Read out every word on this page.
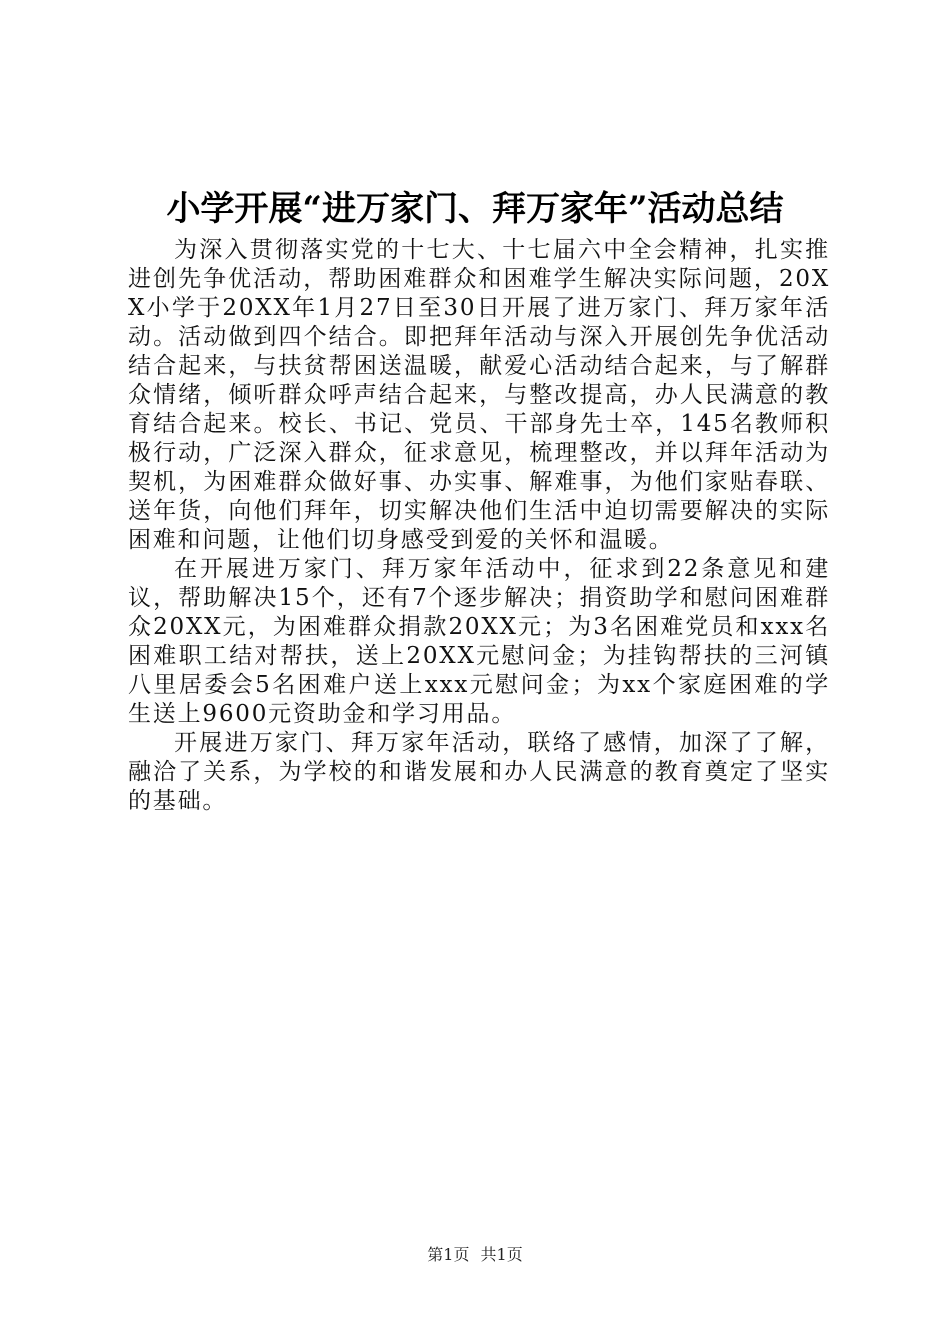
小学开展“进万家门、拜万家年”活动总结

为深入贯彻落实党的十七大、十七届六中全会精神，扎实推进创先争优活动，帮助困难群众和困难学生解决实际问题，20XX小学于20XX年1月27日至30日开展了进万家门、拜万家年活动。活动做到四个结合。即把拜年活动与深入开展创先争优活动结合起来，与扶贫帮困送温暖，献爱心活动结合起来，与了解群众情绪，倾听群众呼声结合起来，与整改提高，办人民满意的教育结合起来。校长、书记、党员、干部身先士卒，145名教师积极行动，广泛深入群众，征求意见，梳理整改，并以拜年活动为契机，为困难群众做好事、办实事、解难事，为他们家贴春联、送年货，向他们拜年，切实解决他们生活中迫切需要解决的实际困难和问题，让他们切身感受到爱的关怀和温暖。

在开展进万家门、拜万家年活动中，征求到22条意见和建议，帮助解决15个，还有7个逐步解决；捐资助学和慰问困难群众20XX元，为困难群众捐款20XX元；为3名困难党员和xxx名困难职工结对帮扶，送上20XX元慰问金；为挂钩帮扶的三河镇八里居委会5名困难户送上xxx元慰问金；为xx个家庭困难的学生送上9600元资助金和学习用品。

开展进万家门、拜万家年活动，联络了感情，加深了了解，融洽了关系，为学校的和谐发展和办人民满意的教育奠定了坚实的基础。

第1页 共1页
